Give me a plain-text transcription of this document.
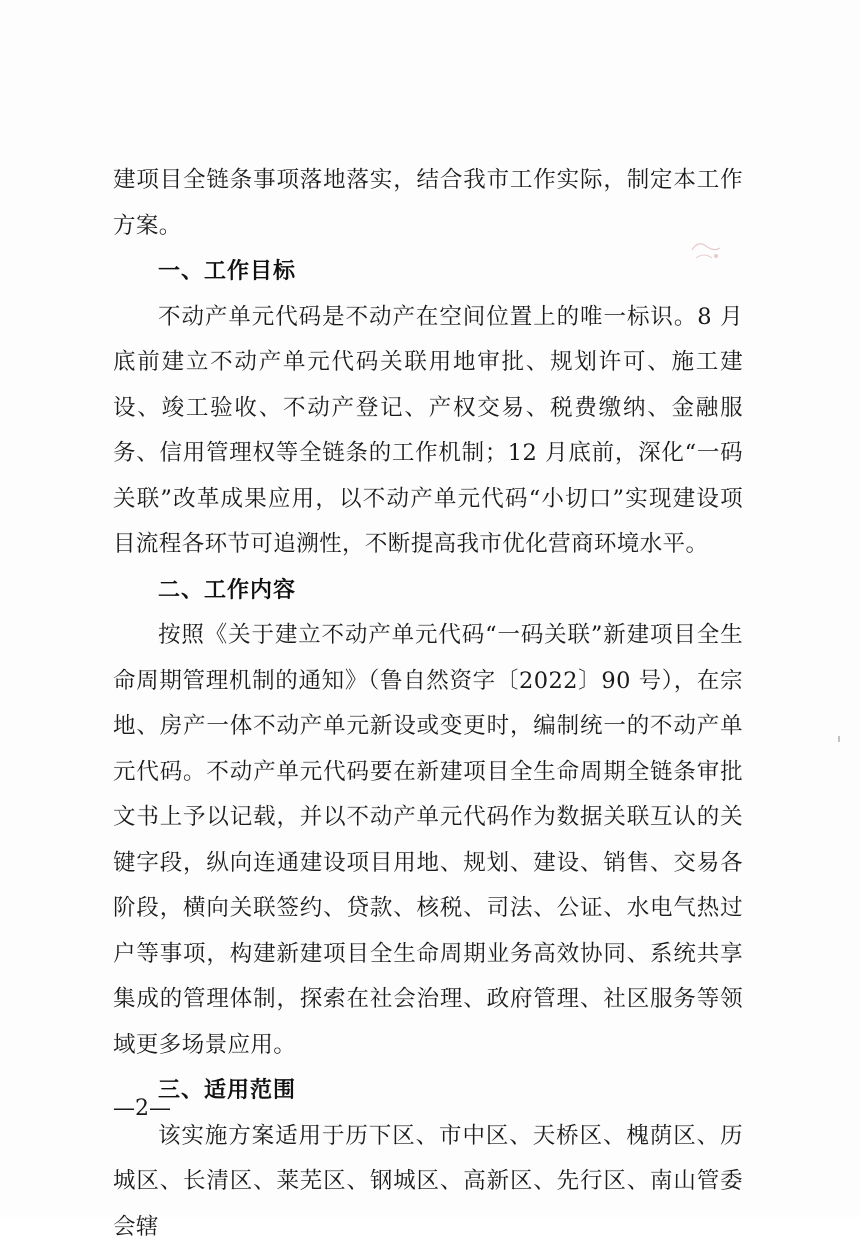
建项目全链条事项落地落实，结合我市工作实际，制定本工作方案。

一、工作目标

不动产单元代码是不动产在空间位置上的唯一标识。8 月底前建立不动产单元代码关联用地审批、规划许可、施工建设、竣工验收、不动产登记、产权交易、税费缴纳、金融服务、信用管理权等全链条的工作机制；12 月底前，深化“一码关联”改革成果应用，以不动产单元代码“小切口”实现建设项目流程各环节可追溯性，不断提高我市优化营商环境水平。

二、工作内容

按照《关于建立不动产单元代码“一码关联”新建项目全生命周期管理机制的通知》（鲁自然资字〔2022〕90 号），在宗地、房产一体不动产单元新设或变更时，编制统一的不动产单元代码。不动产单元代码要在新建项目全生命周期全链条审批文书上予以记载，并以不动产单元代码作为数据关联互认的关键字段，纵向连通建设项目用地、规划、建设、销售、交易各阶段，横向关联签约、贷款、核税、司法、公证、水电气热过户等事项，构建新建项目全生命周期业务高效协同、系统共享集成的管理体制，探索在社会治理、政府管理、社区服务等领域更多场景应用。

三、适用范围

该实施方案适用于历下区、市中区、天桥区、槐荫区、历城区、长清区、莱芜区、钢城区、高新区、先行区、南山管委会辖

—2—
